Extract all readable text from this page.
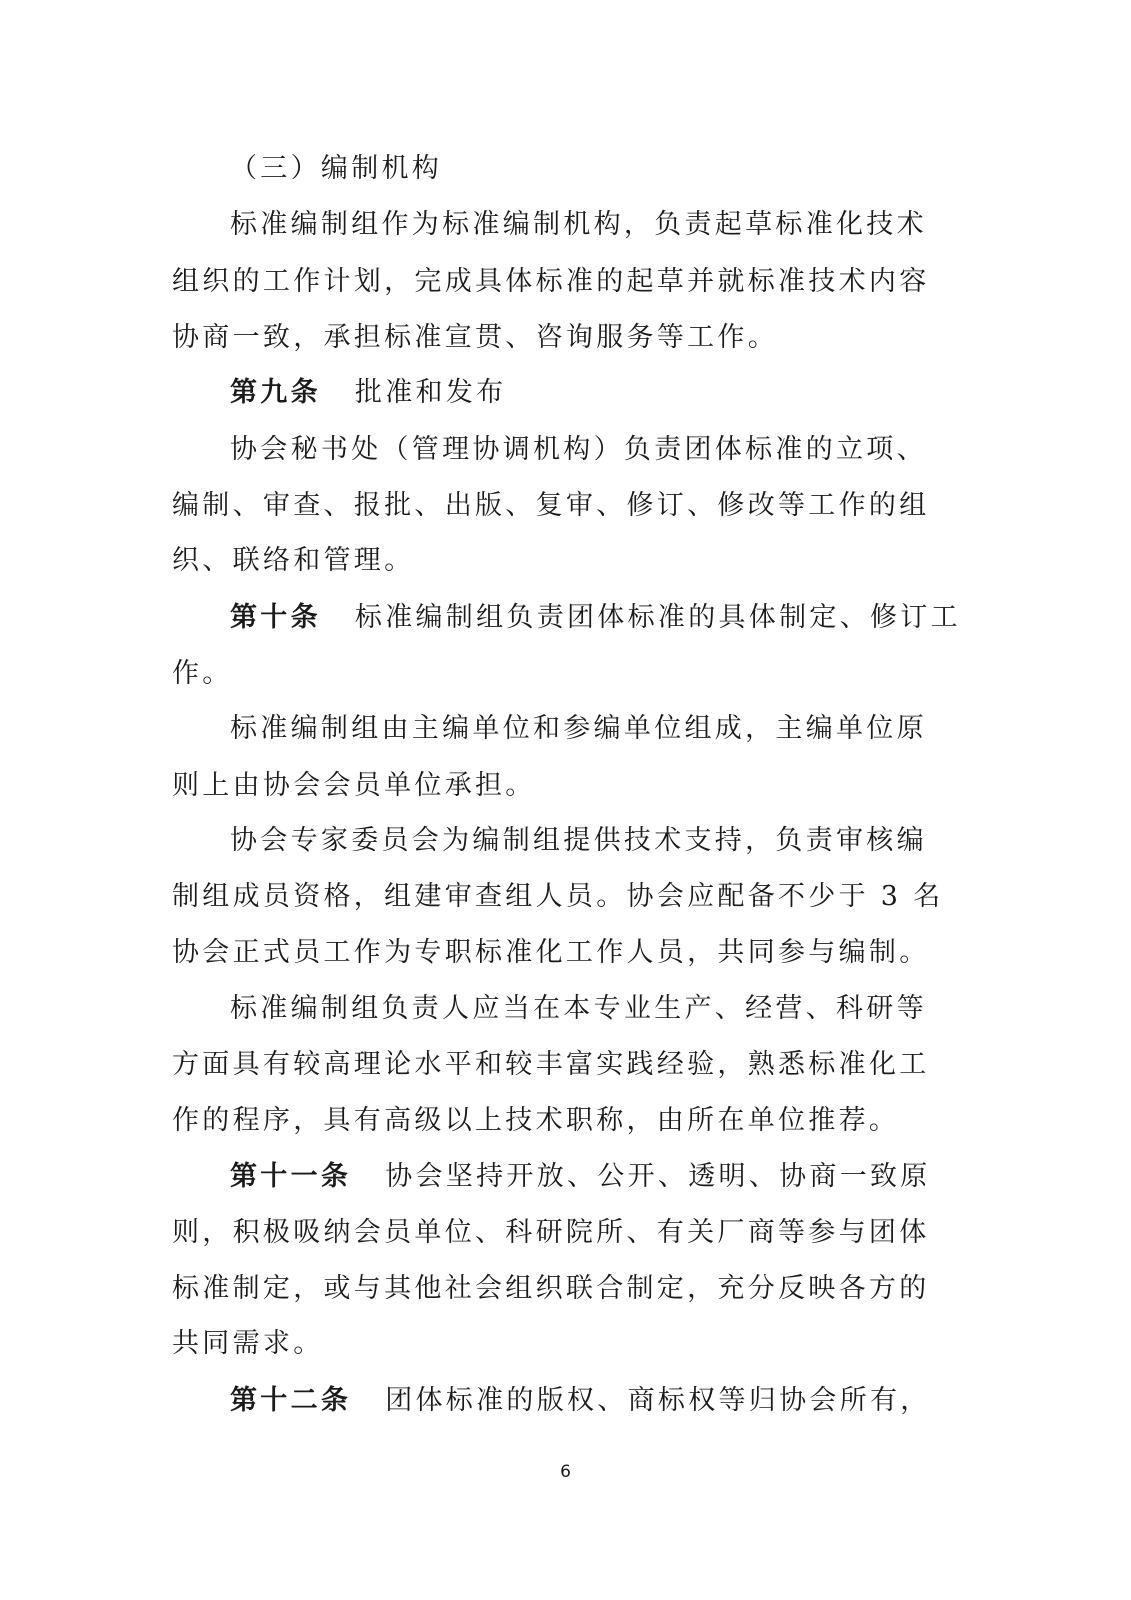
（三）编制机构
标准编制组作为标准编制机构，负责起草标准化技术
组织的工作计划，完成具体标准的起草并就标准技术内容
协商一致，承担标准宣贯、咨询服务等工作。
第九条 批准和发布
协会秘书处（管理协调机构）负责团体标准的立项、
编制、审查、报批、出版、复审、修订、修改等工作的组
织、联络和管理。
第十条 标准编制组负责团体标准的具体制定、修订工
作。
标准编制组由主编单位和参编单位组成，主编单位原
则上由协会会员单位承担。
协会专家委员会为编制组提供技术支持，负责审核编
制组成员资格，组建审查组人员。协会应配备不少于 3 名
协会正式员工作为专职标准化工作人员，共同参与编制。
标准编制组负责人应当在本专业生产、经营、科研等
方面具有较高理论水平和较丰富实践经验，熟悉标准化工
作的程序，具有高级以上技术职称，由所在单位推荐。
第十一条 协会坚持开放、公开、透明、协商一致原
则，积极吸纳会员单位、科研院所、有关厂商等参与团体
标准制定，或与其他社会组织联合制定，充分反映各方的
共同需求。
第十二条 团体标准的版权、商标权等归协会所有，
6
